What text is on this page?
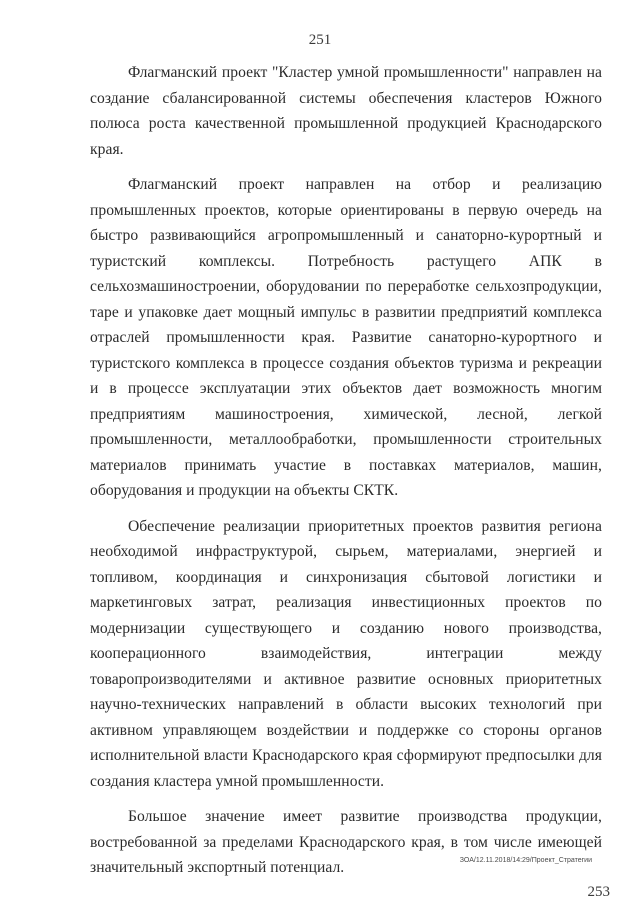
251

Флагманский проект "Кластер умной промышленности" направлен на создание сбалансированной системы обеспечения кластеров Южного полюса роста качественной промышленной продукцией Краснодарского края.

Флагманский проект направлен на отбор и реализацию промышленных проектов, которые ориентированы в первую очередь на быстро развивающийся агропромышленный и санаторно-курортный и туристский комплексы. Потребность растущего АПК в сельхозмашиностроении, оборудовании по переработке сельхозпродукции, таре и упаковке дает мощный импульс в развитии предприятий комплекса отраслей промышленности края. Развитие санаторно-курортного и туристского комплекса в процессе создания объектов туризма и рекреации и в процессе эксплуатации этих объектов дает возможность многим предприятиям машиностроения, химической, лесной, легкой промышленности, металлообработки, промышленности строительных материалов принимать участие в поставках материалов, машин, оборудования и продукции на объекты СКТК.

Обеспечение реализации приоритетных проектов развития региона необходимой инфраструктурой, сырьем, материалами, энергией и топливом, координация и синхронизация сбытовой логистики и маркетинговых затрат, реализация инвестиционных проектов по модернизации существующего и созданию нового производства, кооперационного взаимодействия, интеграции между товаропроизводителями и активное развитие основных приоритетных научно-технических направлений в области высоких технологий при активном управляющем воздействии и поддержке со стороны органов исполнительной власти Краснодарского края сформируют предпосылки для создания кластера умной промышленности.

Большое значение имеет развитие производства продукции, востребованной за пределами Краснодарского края, в том числе имеющей значительный экспортный потенциал.	ЗОА/12.11.2018/14:29/Проект_Стратегии
253
